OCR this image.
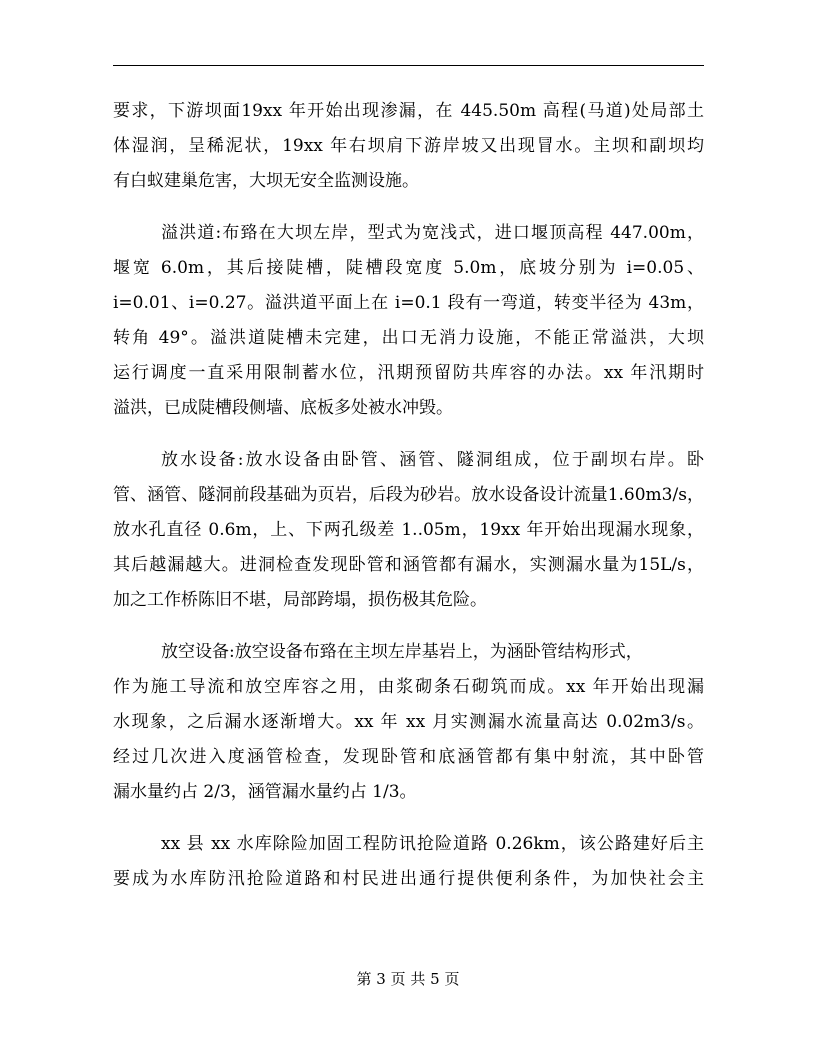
要求，下游坝面19xx 年开始出现渗漏，在 445.50m 高程(马道)处局部土
体湿润，呈稀泥状，19xx 年右坝肩下游岸坡又出现冒水。主坝和副坝均
有白蚁建巢危害，大坝无安全监测设施。
溢洪道:布臵在大坝左岸，型式为宽浅式，进口堰顶高程 447.00m，
堰宽 6.0m，其后接陡槽，陡槽段宽度 5.0m，底坡分别为 i=0.05、
i=0.01、i=0.27。溢洪道平面上在 i=0.1 段有一弯道，转变半径为 43m，
转角 49°。溢洪道陡槽未完建，出口无消力设施，不能正常溢洪，大坝
运行调度一直采用限制蓄水位，汛期预留防共库容的办法。xx 年汛期时
溢洪，已成陡槽段侧墙、底板多处被水冲毁。
放水设备:放水设备由卧管、涵管、隧洞组成，位于副坝右岸。卧
管、涵管、隧洞前段基础为页岩，后段为砂岩。放水设备设计流量1.60m3/s，
放水孔直径 0.6m，上、下两孔级差 1..05m，19xx 年开始出现漏水现象，
其后越漏越大。进洞检查发现卧管和涵管都有漏水，实测漏水量为15L/s，
加之工作桥陈旧不堪，局部跨塌，损伤极其危险。
放空设备:放空设备布臵在主坝左岸基岩上，为涵卧管结构形式，
作为施工导流和放空库容之用，由浆砌条石砌筑而成。xx 年开始出现漏
水现象，之后漏水逐渐增大。xx 年 xx 月实测漏水流量高达 0.02m3/s。
经过几次进入度涵管检查，发现卧管和底涵管都有集中射流，其中卧管
漏水量约占 2/3，涵管漏水量约占 1/3。
xx 县 xx 水库除险加固工程防讯抢险道路 0.26km，该公路建好后主
要成为水库防汛抢险道路和村民进出通行提供便利条件，为加快社会主
第 3 页 共 5 页
